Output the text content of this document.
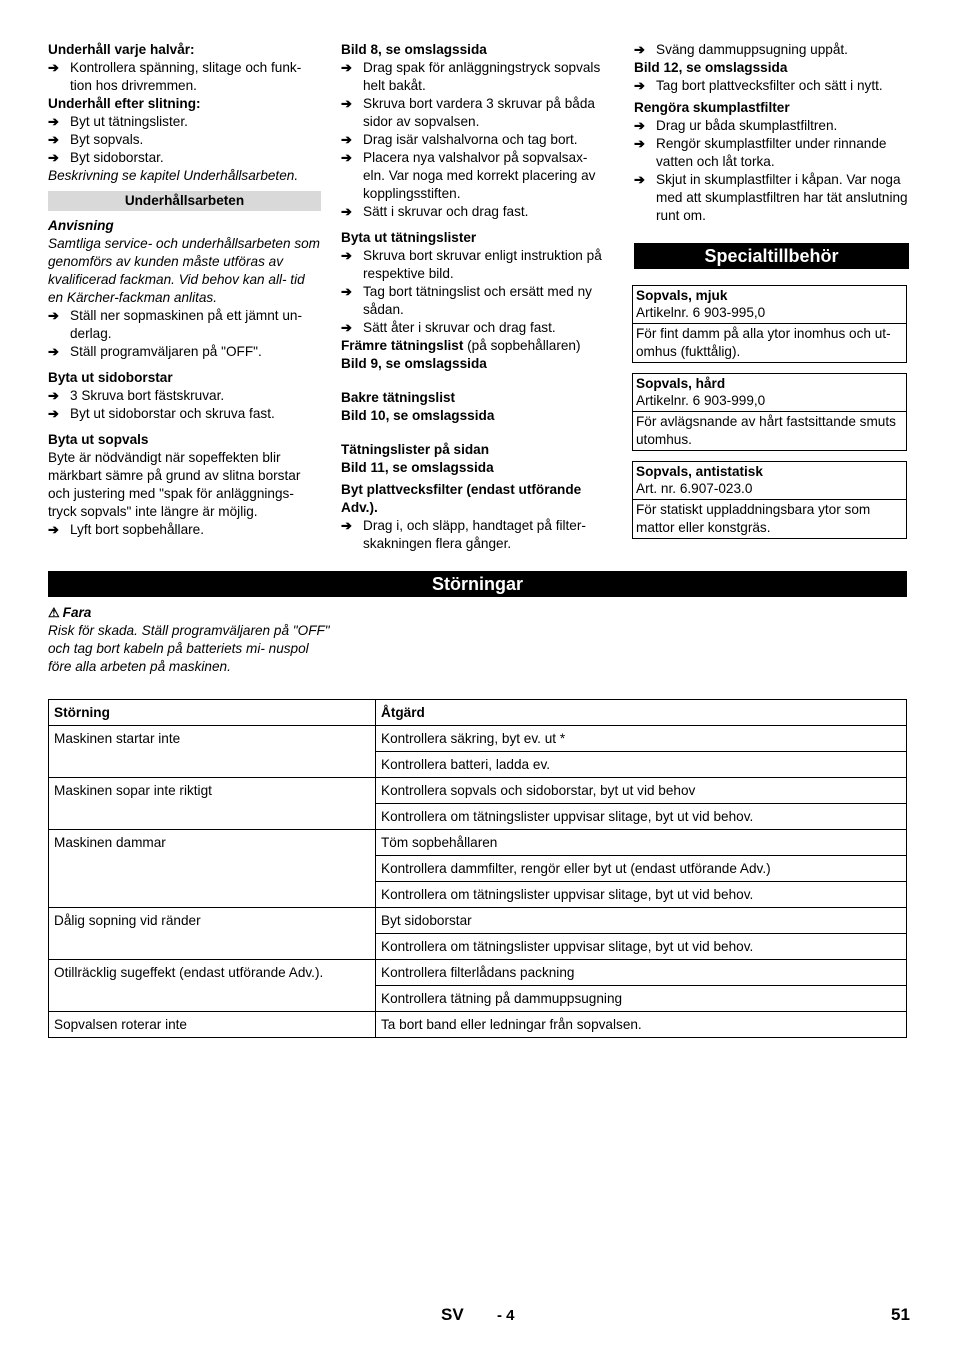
Underhåll varje halvår:

➔ Kontrollera spänning, slitage och funk- tion hos drivremmen.

Underhåll efter slitning:

➔ Byt ut tätningslister.

➔ Byt sopvals.

➔ Byt sidoborstar.

Beskrivning se kapitel Underhållsarbeten.

Underhållsarbeten

Anvisning

Samtliga service- och underhållsarbeten som genomförs av kunden måste utföras av kvalificerad fackman. Vid behov kan all- tid en Kärcher-fackman anlitas.

➔ Ställ ner sopmaskinen på ett jämnt un- derlag.

➔ Ställ programväljaren på "OFF".

Byta ut sidoborstar

➔ 3 Skruva bort fästskruvar.

➔ Byt ut sidoborstar och skruva fast.

Byta ut sopvals

Byte är nödvändigt när sopeffekten blir märkbart sämre på grund av slitna borstar och justering med "spak för anläggnings- tryck sopvals" inte längre är möjlig.

➔ Lyft bort sopbehållare.

Bild 8, se omslagssida

➔ Drag spak för anläggningstryck sopvals helt bakåt.

➔ Skruva bort vardera 3 skruvar på båda sidor av sopvalsen.

➔ Drag isär valshalvorna och tag bort.

➔ Placera nya valshalvor på sopvalsax- eln. Var noga med korrekt placering av kopplingsstiften.

➔ Sätt i skruvar och drag fast.

Byta ut tätningslister

➔ Skruva bort skruvar enligt instruktion på respektive bild.

➔ Tag bort tätningslist och ersätt med ny sådan.

➔ Sätt åter i skruvar och drag fast.

Främre tätningslist (på sopbehållaren)

Bild 9, se omslagssida

Bakre tätningslist

Bild 10, se omslagssida

Tätningslister på sidan

Bild 11, se omslagssida

Byt plattvecksfilter (endast utförande Adv.).

➔ Drag i, och släpp, handtaget på filter- skakningen flera gånger.

➔ Sväng dammuppsugning uppåt.

Bild 12, se omslagssida

➔ Tag bort plattvecksfilter och sätt i nytt.

Rengöra skumplastfilter

➔ Drag ur båda skumplastfiltren.

➔ Rengör skumplastfilter under rinnande vatten och låt torka.

➔ Skjut in skumplastfilter i kåpan. Var noga med att skumplastfiltren har tät anslutning runt om.

Specialtillbehör
Sopvals, mjuk
Artikelnr. 6 903-995,0
För fint damm på alla ytor inomhus och ut- omhus (fukttålig).
Sopvals, hård
Artikelnr. 6 903-999,0
För avlägsnande av hårt fastsittande smuts utomhus.
Sopvals, antistatisk
Art. nr. 6.907-023.0
För statiskt uppladdningsbara ytor som mattor eller konstgräs.
Störningar

⚠ Fara

Risk för skada. Ställ programväljaren på "OFF" och tag bort kabeln på batteriets mi- nuspol före alla arbeten på maskinen.

Störning	Åtgärd
Maskinen startar inte	Kontrollera säkring, byt ev. ut *
	Kontrollera batteri, ladda ev.
Maskinen sopar inte riktigt	Kontrollera sopvals och sidoborstar, byt ut vid behov
	Kontrollera om tätningslister uppvisar slitage, byt ut vid behov.
Maskinen dammar	Töm sopbehållaren
	Kontrollera dammfilter, rengör eller byt ut (endast utförande Adv.)
	Kontrollera om tätningslister uppvisar slitage, byt ut vid behov.
Dålig sopning vid ränder	Byt sidoborstar
	Kontrollera om tätningslister uppvisar slitage, byt ut vid behov.
Otillräcklig sugeffekt (endast utförande Adv.).	Kontrollera filterlådans packning
	Kontrollera tätning på dammuppsugning
Sopvalsen roterar inte	Ta bort band eller ledningar från sopvalsen.
SV - 4	51
